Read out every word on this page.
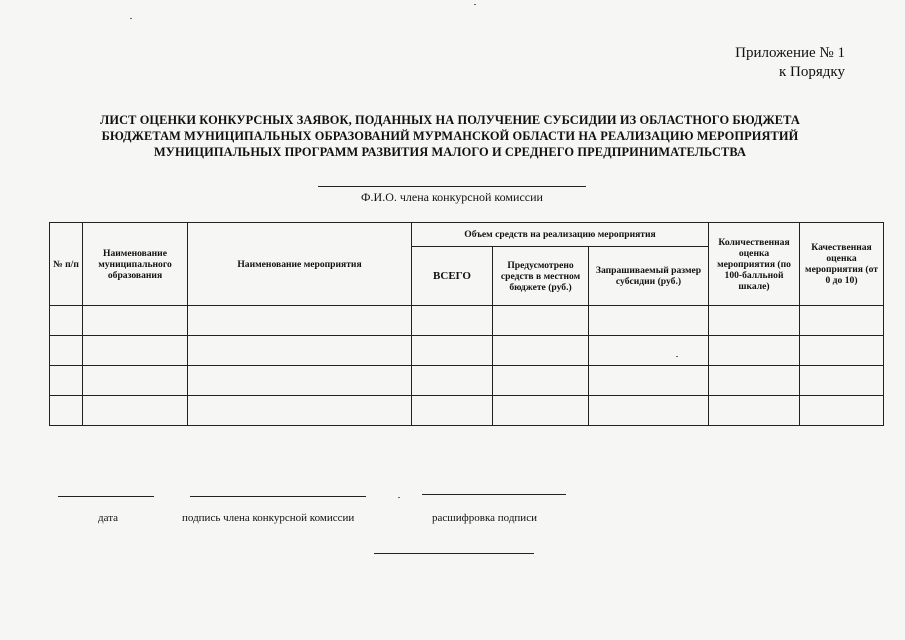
Приложение № 1
к Порядку
ЛИСТ ОЦЕНКИ КОНКУРСНЫХ ЗАЯВОК, ПОДАННЫХ НА ПОЛУЧЕНИЕ СУБСИДИИ ИЗ ОБЛАСТНОГО БЮДЖЕТА
БЮДЖЕТАМ МУНИЦИПАЛЬНЫХ ОБРАЗОВАНИЙ МУРМАНСКОЙ ОБЛАСТИ НА РЕАЛИЗАЦИЮ МЕРОПРИЯТИЙ
МУНИЦИПАЛЬНЫХ ПРОГРАММ РАЗВИТИЯ МАЛОГО И СРЕДНЕГО ПРЕДПРИНИМАТЕЛЬСТВА
Ф.И.О. члена конкурсной комиссии
№ п/п	Наименование муниципального образования	Наименование мероприятия	Объем средств на реализацию мероприятия			Количественная оценка мероприятия (по 100-балльной шкале)	Качественная оценка мероприятия (от 0 до 10)
			ВСЕГО	Предусмотрено средств в местном бюджете (руб.)	Запрашиваемый размер субсидии (руб.)		

дата	подпись члена конкурсной комиссии	расшифровка подписи
